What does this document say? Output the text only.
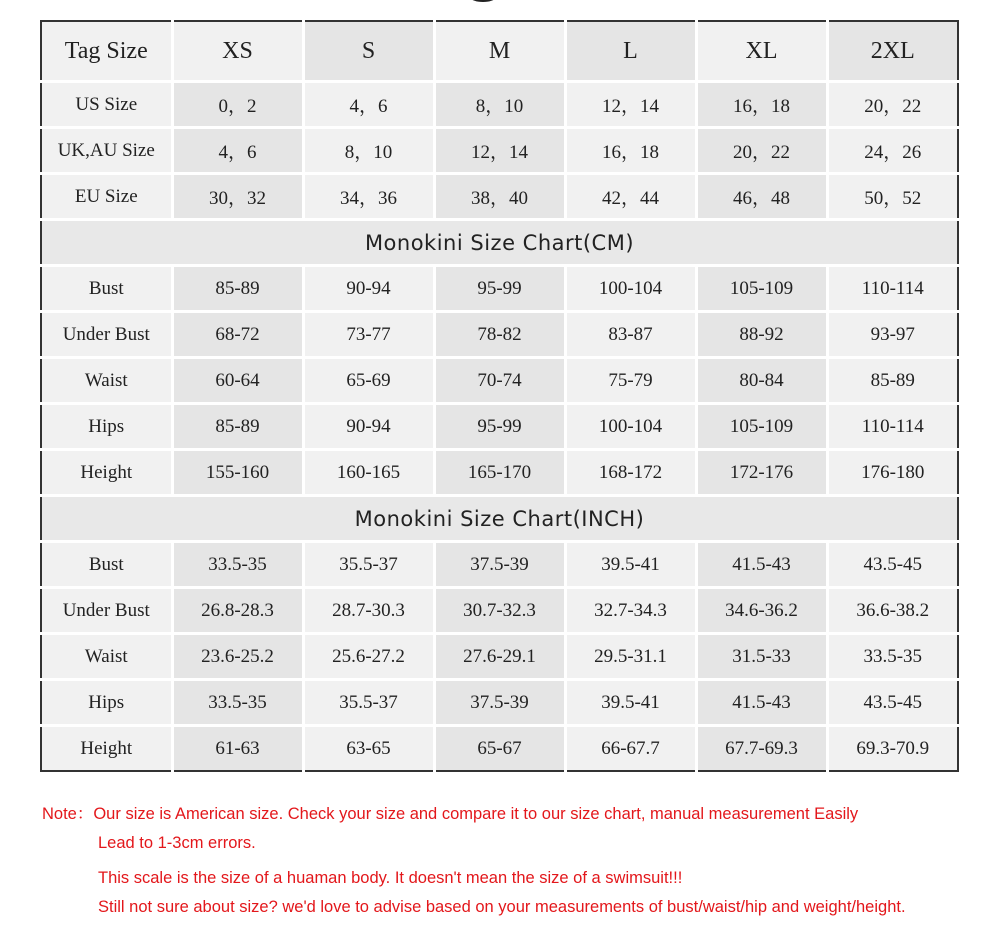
Tag Size	XS	S	M	L	XL	2XL
US Size	0，2	4，6	8，10	12，14	16，18	20，22
UK,AU Size	4，6	8，10	12，14	16，18	20，22	24，26
EU Size	30，32	34，36	38，40	42，44	46，48	50，52
Monokini Size Chart(CM)						
Bust	85-89	90-94	95-99	100-104	105-109	110-114
Under Bust	68-72	73-77	78-82	83-87	88-92	93-97
Waist	60-64	65-69	70-74	75-79	80-84	85-89
Hips	85-89	90-94	95-99	100-104	105-109	110-114
Height	155-160	160-165	165-170	168-172	172-176	176-180
Monokini Size Chart(INCH)						
Bust	33.5-35	35.5-37	37.5-39	39.5-41	41.5-43	43.5-45
Under Bust	26.8-28.3	28.7-30.3	30.7-32.3	32.7-34.3	34.6-36.2	36.6-38.2
Waist	23.6-25.2	25.6-27.2	27.6-29.1	29.5-31.1	31.5-33	33.5-35
Hips	33.5-35	35.5-37	37.5-39	39.5-41	41.5-43	43.5-45
Height	61-63	63-65	65-67	66-67.7	67.7-69.3	69.3-70.9
Note：Our size is American size. Check your size and compare it to our size chart, manual measurement Easily
Lead to 1-3cm errors.
This scale is the size of a huaman body. It doesn't mean the size of a swimsuit!!!
Still not sure about size? we'd love to advise based on your measurements of bust/waist/hip and weight/height.
